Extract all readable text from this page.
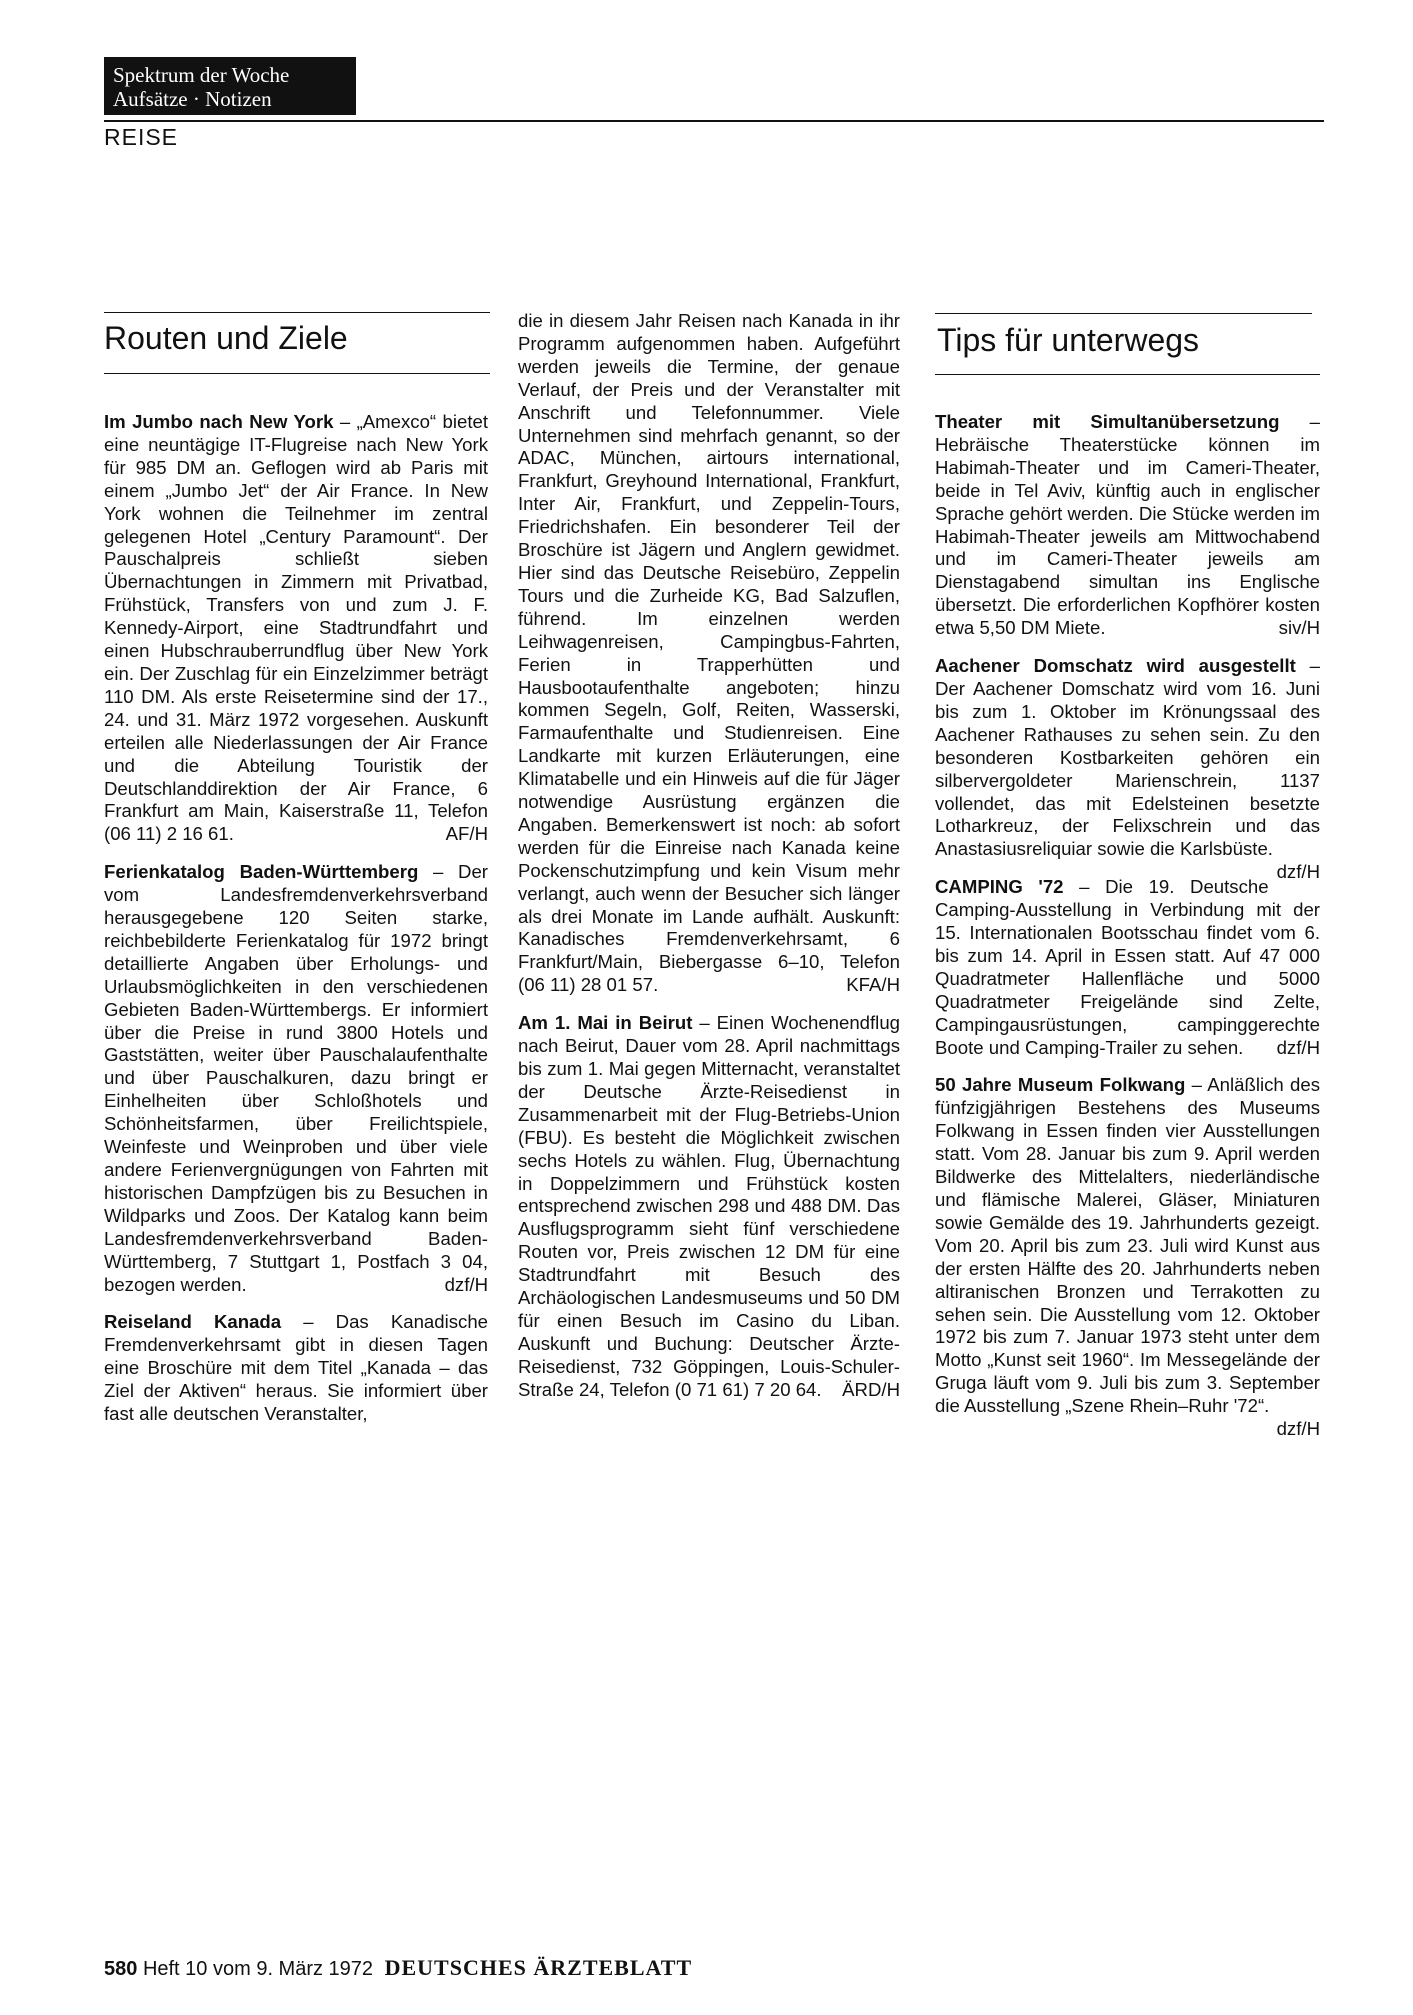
Spektrum der Woche
Aufsätze · Notizen
REISE
Routen und Ziele	Tips für unterwegs

Im Jumbo nach New York – „Amexco“ bietet eine neuntägige IT-Flugreise nach New York für 985 DM an. Geflogen wird ab Paris mit einem „Jumbo Jet“ der Air France. In New York wohnen die Teilnehmer im zentral gelegenen Hotel „Century Paramount“. Der Pauschalpreis schließt sieben Übernachtungen in Zimmern mit Privatbad, Frühstück, Transfers von und zum J. F. Kennedy-Airport, eine Stadtrundfahrt und einen Hubschrauberrundflug über New York ein. Der Zuschlag für ein Einzelzimmer beträgt 110 DM. Als erste Reisetermine sind der 17., 24. und 31. März 1972 vorgesehen. Auskunft erteilen alle Niederlassungen der Air France und die Abteilung Touristik der Deutschlanddirektion der Air France, 6 Frankfurt am Main, Kaiserstraße 11, Telefon (06 11) 2 16 61.	AF/H

Ferienkatalog Baden-Württemberg – Der vom Landesfremdenverkehrsverband herausgegebene 120 Seiten starke, reichbebilderte Ferienkatalog für 1972 bringt detaillierte Angaben über Erholungs- und Urlaubsmöglichkeiten in den verschiedenen Gebieten Baden-Württembergs. Er informiert über die Preise in rund 3800 Hotels und Gaststätten, weiter über Pauschalaufenthalte und über Pauschalkuren, dazu bringt er Einhelheiten über Schloßhotels und Schönheitsfarmen, über Freilichtspiele, Weinfeste und Weinproben und über viele andere Ferienvergnügungen von Fahrten mit historischen Dampfzügen bis zu Besuchen in Wildparks und Zoos. Der Katalog kann beim Landesfremdenverkehrsverband Baden-Württemberg, 7 Stuttgart 1, Postfach 3 04, bezogen werden.	dzf/H

Reiseland Kanada – Das Kanadische Fremdenverkehrsamt gibt in diesen Tagen eine Broschüre mit dem Titel „Kanada – das Ziel der Aktiven“ heraus. Sie informiert über fast alle deutschen Veranstalter,

die in diesem Jahr Reisen nach Kanada in ihr Programm aufgenommen haben. Aufgeführt werden jeweils die Termine, der genaue Verlauf, der Preis und der Veranstalter mit Anschrift und Telefonnummer. Viele Unternehmen sind mehrfach genannt, so der ADAC, München, airtours international, Frankfurt, Greyhound International, Frankfurt, Inter Air, Frankfurt, und Zeppelin-Tours, Friedrichshafen. Ein besonderer Teil der Broschüre ist Jägern und Anglern gewidmet. Hier sind das Deutsche Reisebüro, Zeppelin Tours und die Zurheide KG, Bad Salzuflen, führend. Im einzelnen werden Leihwagenreisen, Campingbus-Fahrten, Ferien in Trapperhütten und Hausbootaufenthalte angeboten; hinzu kommen Segeln, Golf, Reiten, Wasserski, Farmaufenthalte und Studienreisen. Eine Landkarte mit kurzen Erläuterungen, eine Klimatabelle und ein Hinweis auf die für Jäger notwendige Ausrüstung ergänzen die Angaben. Bemerkenswert ist noch: ab sofort werden für die Einreise nach Kanada keine Pockenschutzimpfung und kein Visum mehr verlangt, auch wenn der Besucher sich länger als drei Monate im Lande aufhält. Auskunft: Kanadisches Fremdenverkehrsamt, 6 Frankfurt/Main, Biebergasse 6–10, Telefon (06 11) 28 01 57.	KFA/H

Am 1. Mai in Beirut – Einen Wochenendflug nach Beirut, Dauer vom 28. April nachmittags bis zum 1. Mai gegen Mitternacht, veranstaltet der Deutsche Ärzte-Reisedienst in Zusammenarbeit mit der Flug-Betriebs-Union (FBU). Es besteht die Möglichkeit zwischen sechs Hotels zu wählen. Flug, Übernachtung in Doppelzimmern und Frühstück kosten entsprechend zwischen 298 und 488 DM. Das Ausflugsprogramm sieht fünf verschiedene Routen vor, Preis zwischen 12 DM für eine Stadtrundfahrt mit Besuch des Archäologischen Landesmuseums und 50 DM für einen Besuch im Casino du Liban. Auskunft und Buchung: Deutscher Ärzte-Reisedienst, 732 Göppingen, Louis-Schuler-Straße 24, Telefon (0 71 61) 7 20 64. ÄRD/H

Theater mit Simultanübersetzung – Hebräische Theaterstücke können im Habimah-Theater und im Cameri-Theater, beide in Tel Aviv, künftig auch in englischer Sprache gehört werden. Die Stücke werden im Habimah-Theater jeweils am Mittwochabend und im Cameri-Theater jeweils am Dienstagabend simultan ins Englische übersetzt. Die erforderlichen Kopfhörer kosten etwa 5,50 DM Miete.	siv/H

Aachener Domschatz wird ausgestellt – Der Aachener Domschatz wird vom 16. Juni bis zum 1. Oktober im Krönungssaal des Aachener Rathauses zu sehen sein. Zu den besonderen Kostbarkeiten gehören ein silbervergoldeter Marienschrein, 1137 vollendet, das mit Edelsteinen besetzte Lotharkreuz, der Felixschrein und das Anastasiusreliquiar sowie die Karlsbüste.
dzf/H

CAMPING '72 – Die 19. Deutsche Camping-Ausstellung in Verbindung mit der 15. Internationalen Bootsschau findet vom 6. bis zum 14. April in Essen statt. Auf 47 000 Quadratmeter Hallenfläche und 5000 Quadratmeter Freigelände sind Zelte, Campingausrüstungen, campinggerechte Boote und Camping-Trailer zu sehen. dzf/H

50 Jahre Museum Folkwang – Anläßlich des fünfzigjährigen Bestehens des Museums Folkwang in Essen finden vier Ausstellungen statt. Vom 28. Januar bis zum 9. April werden Bildwerke des Mittelalters, niederländische und flämische Malerei, Gläser, Miniaturen sowie Gemälde des 19. Jahrhunderts gezeigt. Vom 20. April bis zum 23. Juli wird Kunst aus der ersten Hälfte des 20. Jahrhunderts neben altiranischen Bronzen und Terrakotten zu sehen sein. Die Ausstellung vom 12. Oktober 1972 bis zum 7. Januar 1973 steht unter dem Motto „Kunst seit 1960“. Im Messegelände der Gruga läuft vom 9. Juli bis zum 3. September die Ausstellung „Szene Rhein–Ruhr '72“.
dzf/H

580 Heft 10 vom 9. März 1972 DEUTSCHES ÄRZTEBLATT
